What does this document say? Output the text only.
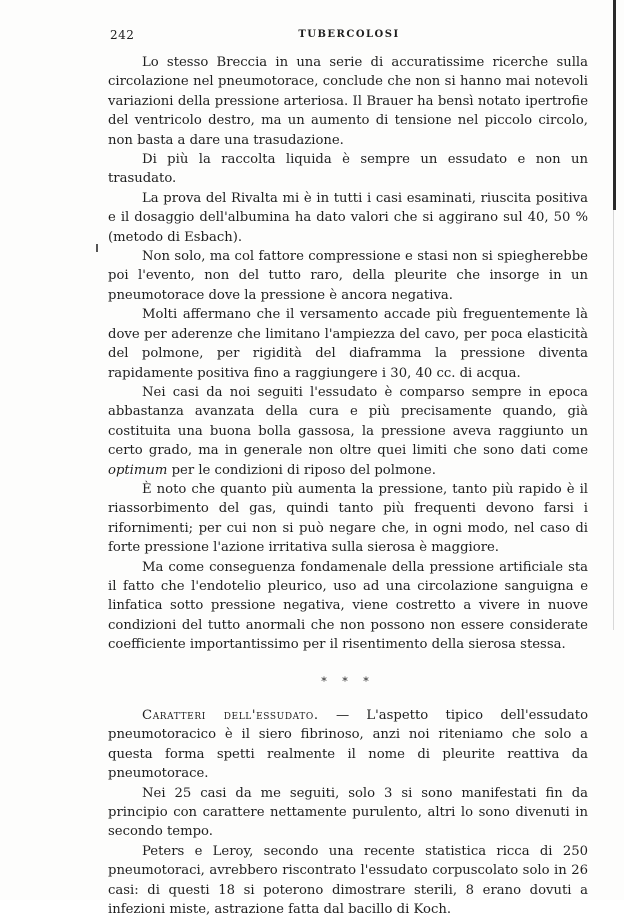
242	TUBERCOLOSI

Lo stesso Breccia in una serie di accuratissime ricerche sulla circolazione nel pneumotorace, conclude che non si hanno mai notevoli variazioni della pressione arteriosa. Il Brauer ha bensì notato ipertrofie del ventricolo destro, ma un aumento di tensione nel piccolo circolo, non basta a dare una trasudazione.

Di più la raccolta liquida è sempre un essudato e non un trasudato.

La prova del Rivalta mi è in tutti i casi esaminati, riuscita positiva e il dosaggio dell'albumina ha dato valori che si aggirano sul 40, 50 % (metodo di Esbach).

Non solo, ma col fattore compressione e stasi non si spiegherebbe poi l'evento, non del tutto raro, della pleurite che insorge in un pneumotorace dove la pressione è ancora negativa.

Molti affermano che il versamento accade più freguentemente là dove per aderenze che limitano l'ampiezza del cavo, per poca elasticità del polmone, per rigidità del diaframma la pressione diventa rapidamente positiva fino a raggiungere i 30, 40 cc. di acqua.

Nei casi da noi seguiti l'essudato è comparso sempre in epoca abbastanza avanzata della cura e più precisamente quando, già costituita una buona bolla gassosa, la pressione aveva raggiunto un certo grado, ma in generale non oltre quei limiti che sono dati come optimum per le condizioni di riposo del polmone.

È noto che quanto più aumenta la pressione, tanto più rapido è il riassorbimento del gas, quindi tanto più frequenti devono farsi i rifornimenti; per cui non si può negare che, in ogni modo, nel caso di forte pressione l'azione irritativa sulla sierosa è maggiore.

Ma come conseguenza fondamenale della pressione artificiale sta il fatto che l'endotelio pleurico, uso ad una circolazione sanguigna e linfatica sotto pressione negativa, viene costretto a vivere in nuove condizioni del tutto anormali che non possono non essere considerate coefficiente importantissimo per il risentimento della sierosa stessa.

* * *

Caratteri dell'essudato. — L'aspetto tipico dell'essudato pneumotoracico è il siero fibrinoso, anzi noi riteniamo che solo a questa forma spetti realmente il nome di pleurite reattiva da pneumotorace.

Nei 25 casi da me seguiti, solo 3 si sono manifestati fin da principio con carattere nettamente purulento, altri lo sono divenuti in secondo tempo.

Peters e Leroy, secondo una recente statistica ricca di 250 pneumotoraci, avrebbero riscontrato l'essudato corpuscolato solo in 26 casi: di questi 18 si poterono dimostrare sterili, 8 erano dovuti a infezioni miste, astrazione fatta dal bacillo di Koch.
